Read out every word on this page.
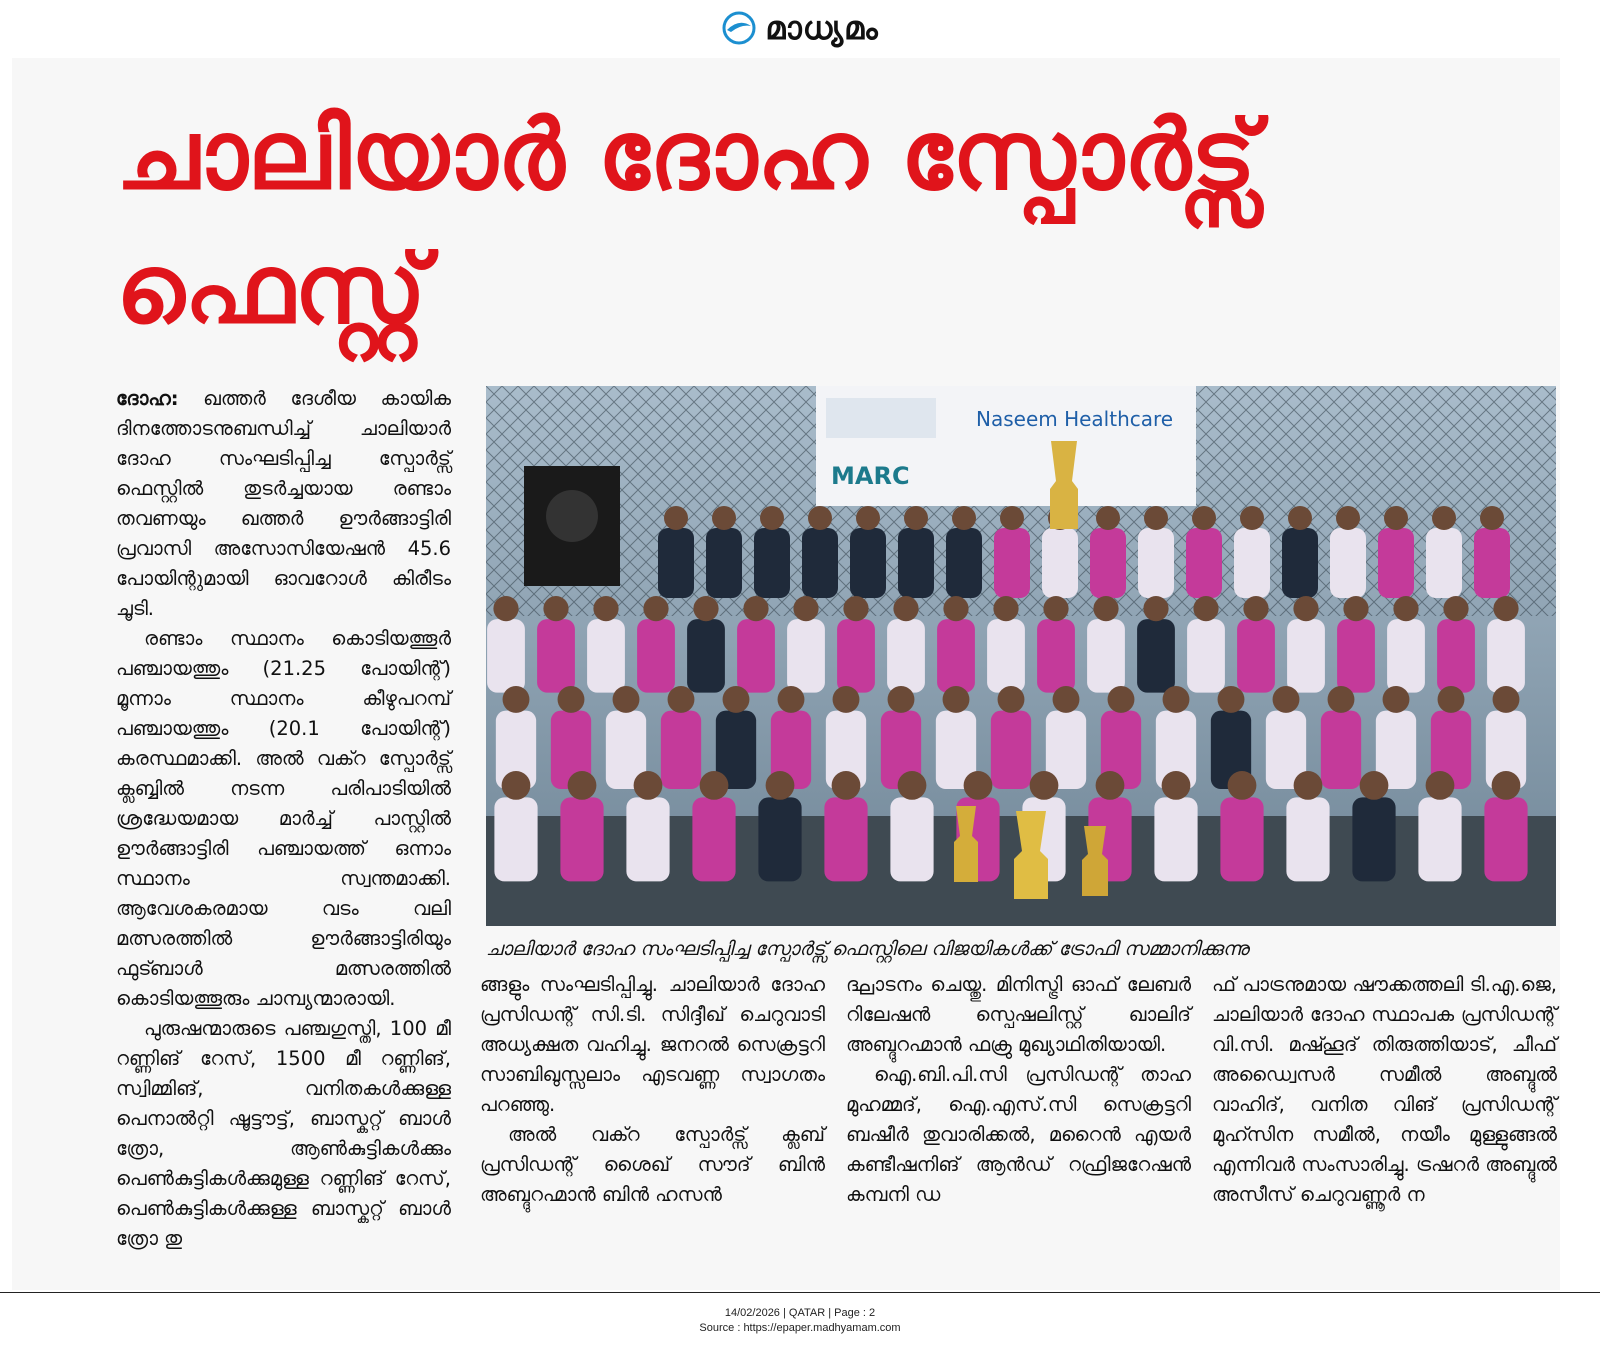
മാധ്യമം
ചാലിയാർ ദോഹ സ്പോർട്സ് ഫെസ്റ്റ്

ദോഹ: ഖത്തർ ദേശീയ കായിക ദിനത്തോടനുബന്ധിച്ച് ചാലിയാർ ദോഹ സംഘടിപ്പിച്ച സ്പോർട്സ് ഫെസ്റ്റിൽ തുടർച്ചയായ രണ്ടാം തവണയും ഖത്തർ ഊർങ്ങാട്ടിരി പ്രവാസി അസോസിയേഷൻ 45.6 പോയിന്റുമായി ഓവറോൾ കിരീടം ചൂടി.

രണ്ടാം സ്ഥാനം കൊടിയത്തൂർ പഞ്ചായത്തും (21.25 പോയിന്റ്) മൂന്നാം സ്ഥാനം കീഴുപറമ്പ് പഞ്ചായത്തും (20.1 പോയിന്റ്) കരസ്ഥമാക്കി. അൽ വക്റ സ്പോർട്സ് ക്ലബ്ബിൽ നടന്ന പരിപാടിയിൽ ശ്രദ്ധേയമായ മാർച്ച് പാസ്റ്റിൽ ഊർങ്ങാട്ടിരി പഞ്ചായത്ത് ഒന്നാം സ്ഥാനം സ്വന്തമാക്കി. ആവേശകരമായ വടം വലി മത്സരത്തിൽ ഊർങ്ങാട്ടിരിയും ഫുട്ബാൾ മത്സരത്തിൽ കൊടിയത്തൂരും ചാമ്പ്യന്മാരായി.

പുരുഷന്മാരുടെ പഞ്ചഗുസ്തി, 100 മീ റണ്ണിങ് റേസ്, 1500 മീ റണ്ണിങ്, സ്വിമ്മിങ്, വനിതകൾക്കുള്ള പെനാൽറ്റി ഷൂട്ടൗട്ട്, ബാസ്കറ്റ് ബാൾ ത്രോ, ആൺകുട്ടികൾക്കും പെൺകുട്ടികൾക്കുമുള്ള റണ്ണിങ് റേസ്, പെൺകുട്ടികൾക്കുള്ള ബാസ്കറ്റ് ബാൾ ത്രോ തു

Naseem Healthcare
MARC
ചാലിയാർ ദോഹ സംഘടിപ്പിച്ച സ്പോർട്സ് ഫെസ്റ്റിലെ വിജയികൾക്ക് ട്രോഫി സമ്മാനിക്കുന്നു

ങ്ങളും സംഘടിപ്പിച്ചു. ചാലിയാർ ദോഹ പ്രസിഡന്റ് സി.ടി. സിദ്ദീഖ് ചെറുവാടി അധ്യക്ഷത വഹിച്ചു. ജനറൽ സെക്രട്ടറി സാബിഖുസ്സലാം എടവണ്ണ സ്വാഗതം പറഞ്ഞു.

അൽ വക്റ സ്പോർട്സ് ക്ലബ് പ്രസിഡന്റ് ശൈഖ് സൗദ് ബിൻ അബ്ദുറഹ്മാൻ ബിൻ ഹസൻ

ദ്ഘാടനം ചെയ്തു. മിനിസ്ട്രി ഓഫ് ലേബർ റിലേഷൻ സ്പെഷലിസ്റ്റ് ഖാലിദ് അബ്ദുറഹ്മാൻ ഫക്രു മുഖ്യാഥിതിയായി.

ഐ.ബി.പി.സി പ്രസിഡന്റ് താഹ മുഹമ്മദ്, ഐ.എസ്.സി സെക്രട്ടറി ബഷീർ തുവാരിക്കൽ, മറൈൻ എയർ കണ്ടീഷനിങ് ആൻഡ് റഫ്രിജറേഷൻ കമ്പനി ഡ

ഫ് പാട്രനുമായ ഷൗക്കത്തലി ടി.എ.ജെ, ചാലിയാർ ദോഹ സ്ഥാപക പ്രസിഡന്റ് വി.സി. മഷ്ഹൂദ് തിരുത്തിയാട്, ചീഫ് അഡ്വൈസർ സമീൽ അബ്ദുൽ വാഹിദ്, വനിത വിങ് പ്രസിഡന്റ് മുഹ്സിന സമീൽ, നയീം മുള്ളുങ്ങൽ എന്നിവർ സംസാരിച്ചു. ട്രഷറർ അബ്ദുൽ അസീസ് ചെറുവണ്ണൂർ ന

14/02/2026 | QATAR | Page : 2
Source : https://epaper.madhyamam.com
